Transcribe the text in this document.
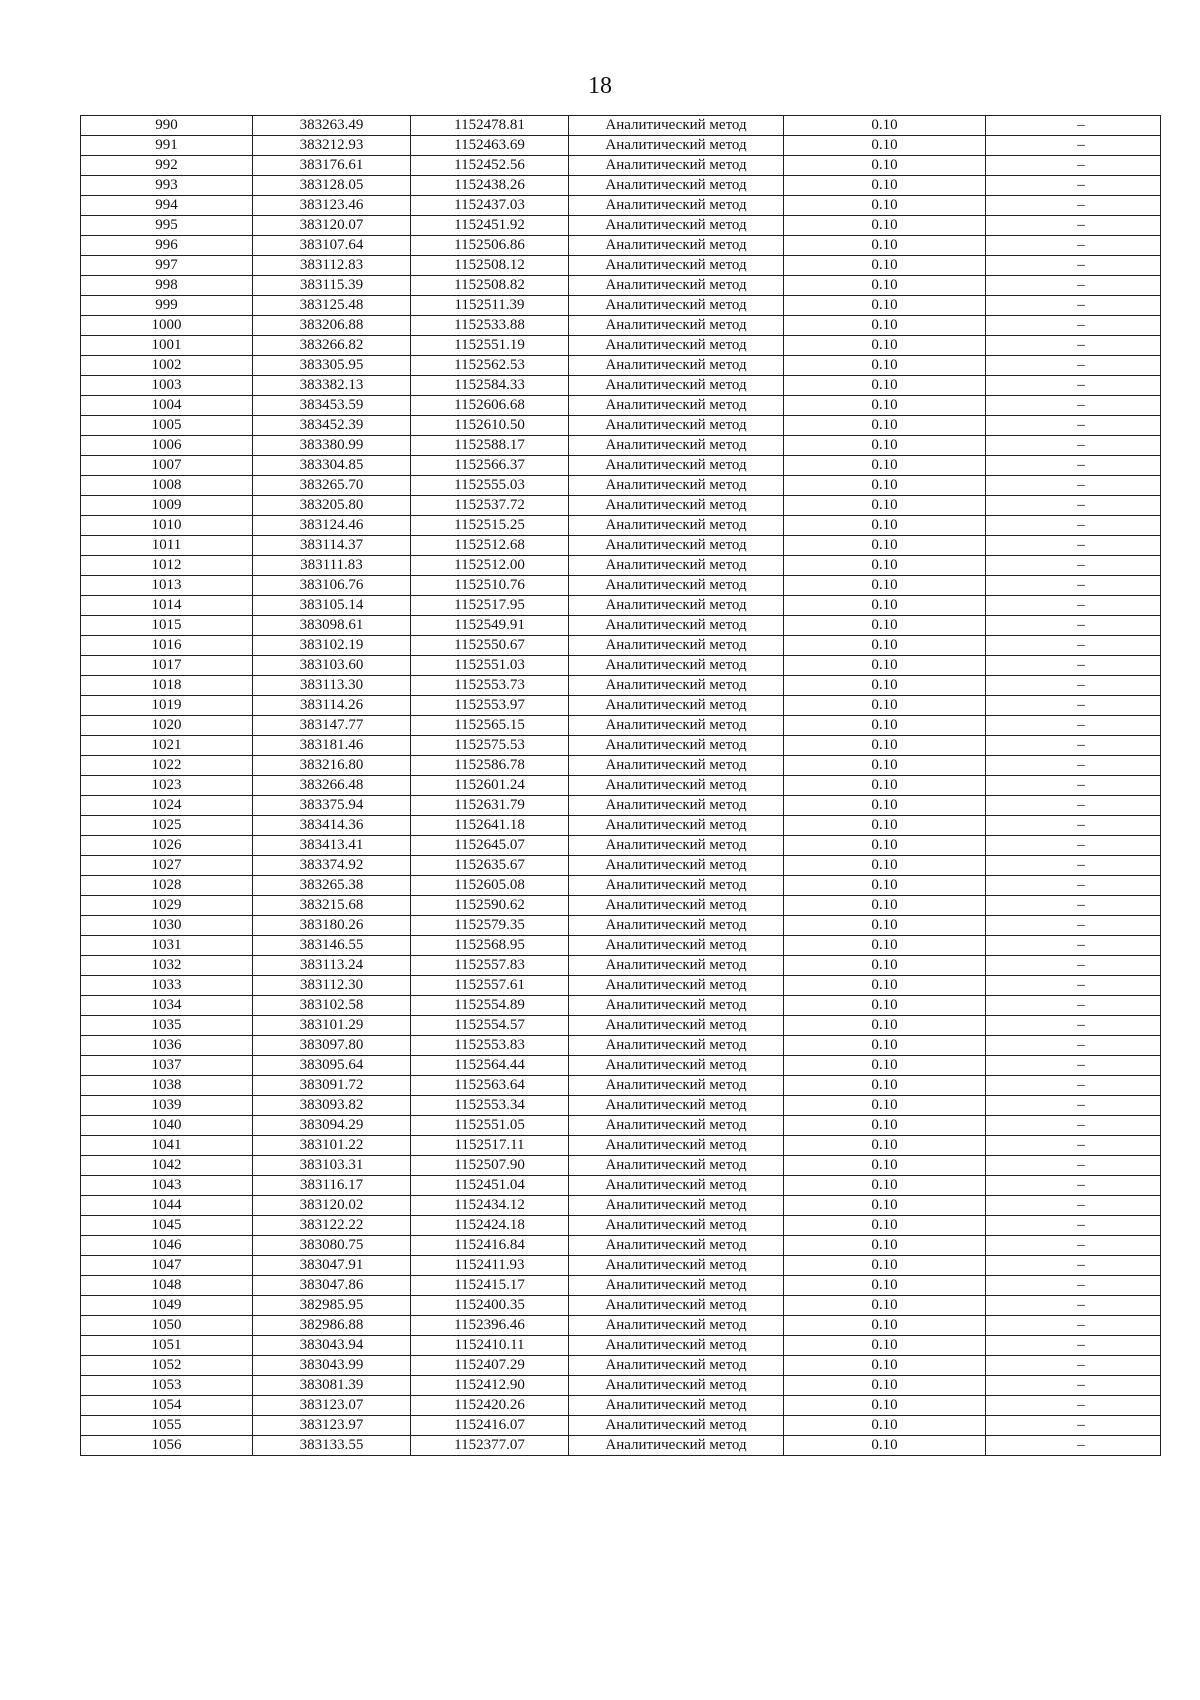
18
990	383263.49	1152478.81	Аналитический метод	0.10	–
991	383212.93	1152463.69	Аналитический метод	0.10	–
992	383176.61	1152452.56	Аналитический метод	0.10	–
993	383128.05	1152438.26	Аналитический метод	0.10	–
994	383123.46	1152437.03	Аналитический метод	0.10	–
995	383120.07	1152451.92	Аналитический метод	0.10	–
996	383107.64	1152506.86	Аналитический метод	0.10	–
997	383112.83	1152508.12	Аналитический метод	0.10	–
998	383115.39	1152508.82	Аналитический метод	0.10	–
999	383125.48	1152511.39	Аналитический метод	0.10	–
1000	383206.88	1152533.88	Аналитический метод	0.10	–
1001	383266.82	1152551.19	Аналитический метод	0.10	–
1002	383305.95	1152562.53	Аналитический метод	0.10	–
1003	383382.13	1152584.33	Аналитический метод	0.10	–
1004	383453.59	1152606.68	Аналитический метод	0.10	–
1005	383452.39	1152610.50	Аналитический метод	0.10	–
1006	383380.99	1152588.17	Аналитический метод	0.10	–
1007	383304.85	1152566.37	Аналитический метод	0.10	–
1008	383265.70	1152555.03	Аналитический метод	0.10	–
1009	383205.80	1152537.72	Аналитический метод	0.10	–
1010	383124.46	1152515.25	Аналитический метод	0.10	–
1011	383114.37	1152512.68	Аналитический метод	0.10	–
1012	383111.83	1152512.00	Аналитический метод	0.10	–
1013	383106.76	1152510.76	Аналитический метод	0.10	–
1014	383105.14	1152517.95	Аналитический метод	0.10	–
1015	383098.61	1152549.91	Аналитический метод	0.10	–
1016	383102.19	1152550.67	Аналитический метод	0.10	–
1017	383103.60	1152551.03	Аналитический метод	0.10	–
1018	383113.30	1152553.73	Аналитический метод	0.10	–
1019	383114.26	1152553.97	Аналитический метод	0.10	–
1020	383147.77	1152565.15	Аналитический метод	0.10	–
1021	383181.46	1152575.53	Аналитический метод	0.10	–
1022	383216.80	1152586.78	Аналитический метод	0.10	–
1023	383266.48	1152601.24	Аналитический метод	0.10	–
1024	383375.94	1152631.79	Аналитический метод	0.10	–
1025	383414.36	1152641.18	Аналитический метод	0.10	–
1026	383413.41	1152645.07	Аналитический метод	0.10	–
1027	383374.92	1152635.67	Аналитический метод	0.10	–
1028	383265.38	1152605.08	Аналитический метод	0.10	–
1029	383215.68	1152590.62	Аналитический метод	0.10	–
1030	383180.26	1152579.35	Аналитический метод	0.10	–
1031	383146.55	1152568.95	Аналитический метод	0.10	–
1032	383113.24	1152557.83	Аналитический метод	0.10	–
1033	383112.30	1152557.61	Аналитический метод	0.10	–
1034	383102.58	1152554.89	Аналитический метод	0.10	–
1035	383101.29	1152554.57	Аналитический метод	0.10	–
1036	383097.80	1152553.83	Аналитический метод	0.10	–
1037	383095.64	1152564.44	Аналитический метод	0.10	–
1038	383091.72	1152563.64	Аналитический метод	0.10	–
1039	383093.82	1152553.34	Аналитический метод	0.10	–
1040	383094.29	1152551.05	Аналитический метод	0.10	–
1041	383101.22	1152517.11	Аналитический метод	0.10	–
1042	383103.31	1152507.90	Аналитический метод	0.10	–
1043	383116.17	1152451.04	Аналитический метод	0.10	–
1044	383120.02	1152434.12	Аналитический метод	0.10	–
1045	383122.22	1152424.18	Аналитический метод	0.10	–
1046	383080.75	1152416.84	Аналитический метод	0.10	–
1047	383047.91	1152411.93	Аналитический метод	0.10	–
1048	383047.86	1152415.17	Аналитический метод	0.10	–
1049	382985.95	1152400.35	Аналитический метод	0.10	–
1050	382986.88	1152396.46	Аналитический метод	0.10	–
1051	383043.94	1152410.11	Аналитический метод	0.10	–
1052	383043.99	1152407.29	Аналитический метод	0.10	–
1053	383081.39	1152412.90	Аналитический метод	0.10	–
1054	383123.07	1152420.26	Аналитический метод	0.10	–
1055	383123.97	1152416.07	Аналитический метод	0.10	–
1056	383133.55	1152377.07	Аналитический метод	0.10	–
